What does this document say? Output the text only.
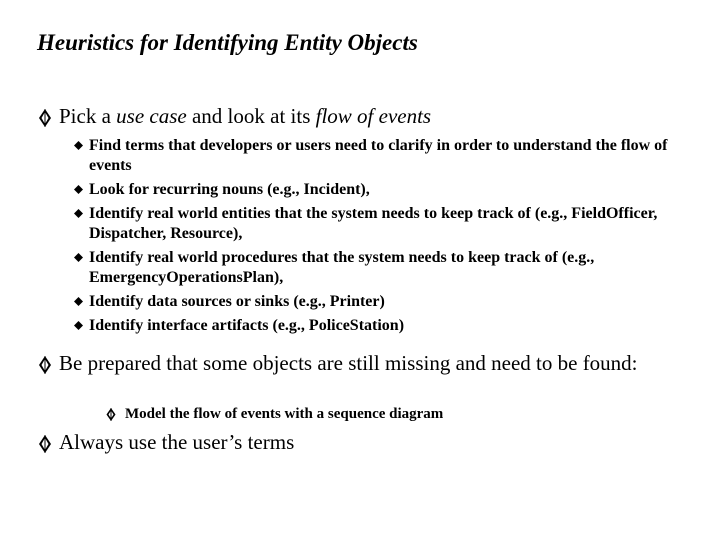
Heuristics for Identifying Entity Objects
Pick a use case and look at its flow of events
Find terms that developers or users need to clarify in order to understand the flow of events
Look for recurring nouns (e.g., Incident),
Identify real world entities that the system needs to keep track of (e.g., FieldOfficer, Dispatcher, Resource),
Identify real world procedures that the system needs to keep track of (e.g., EmergencyOperationsPlan),
Identify data sources or sinks (e.g., Printer)
Identify interface artifacts (e.g., PoliceStation)
Be prepared that some objects are still missing and need to be found:
Model the flow of events with a sequence diagram
Always use the user’s terms
